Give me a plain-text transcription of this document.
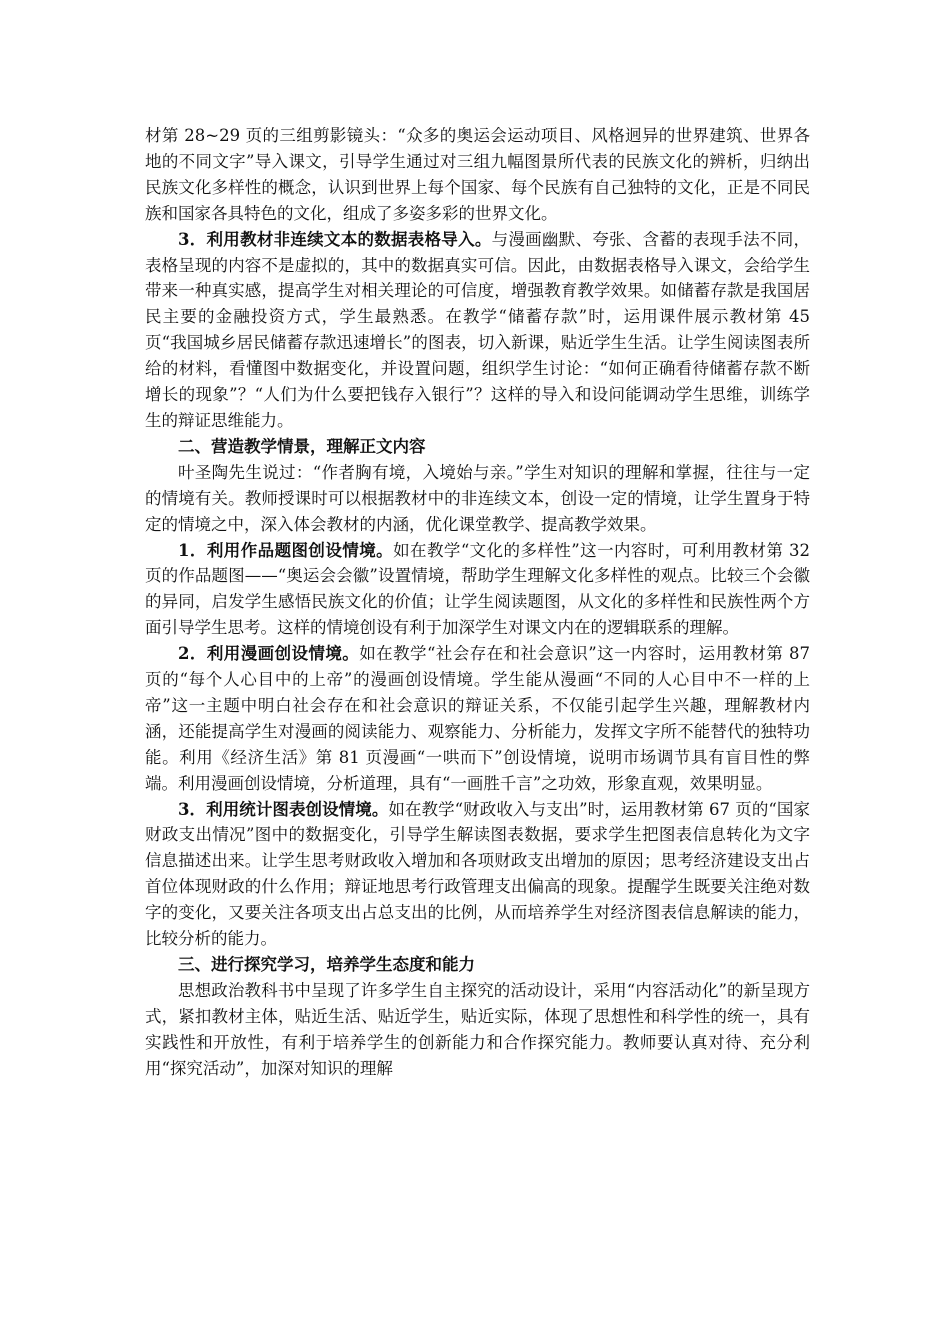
材第 28~29 页的三组剪影镜头：“众多的奥运会运动项目、风格迥异的世界建筑、世界各地的不同文字”导入课文，引导学生通过对三组九幅图景所代表的民族文化的辨析，归纳出民族文化多样性的概念，认识到世界上每个国家、每个民族有自己独特的文化，正是不同民族和国家各具特色的文化，组成了多姿多彩的世界文化。

3．利用教材非连续文本的数据表格导入。与漫画幽默、夸张、含蓄的表现手法不同，表格呈现的内容不是虚拟的，其中的数据真实可信。因此，由数据表格导入课文，会给学生带来一种真实感，提高学生对相关理论的可信度，增强教育教学效果。如储蓄存款是我国居民主要的金融投资方式，学生最熟悉。在教学“储蓄存款”时，运用课件展示教材第 45 页“我国城乡居民储蓄存款迅速增长”的图表，切入新课，贴近学生生活。让学生阅读图表所给的材料，看懂图中数据变化，并设置问题，组织学生讨论：“如何正确看待储蓄存款不断增长的现象”？“人们为什么要把钱存入银行”？这样的导入和设问能调动学生思维，训练学生的辩证思维能力。

二、营造教学情景，理解正文内容

叶圣陶先生说过：“作者胸有境，入境始与亲。”学生对知识的理解和掌握，往往与一定的情境有关。教师授课时可以根据教材中的非连续文本，创设一定的情境，让学生置身于特定的情境之中，深入体会教材的内涵，优化课堂教学、提高教学效果。

1．利用作品题图创设情境。如在教学“文化的多样性”这一内容时，可利用教材第 32 页的作品题图——“奥运会会徽”设置情境，帮助学生理解文化多样性的观点。比较三个会徽的异同，启发学生感悟民族文化的价值；让学生阅读题图，从文化的多样性和民族性两个方面引导学生思考。这样的情境创设有利于加深学生对课文内在的逻辑联系的理解。

2．利用漫画创设情境。如在教学“社会存在和社会意识”这一内容时，运用教材第 87 页的“每个人心目中的上帝”的漫画创设情境。学生能从漫画“不同的人心目中不一样的上帝”这一主题中明白社会存在和社会意识的辩证关系，不仅能引起学生兴趣，理解教材内涵，还能提高学生对漫画的阅读能力、观察能力、分析能力，发挥文字所不能替代的独特功能。利用《经济生活》第 81 页漫画“一哄而下”创设情境，说明市场调节具有盲目性的弊端。利用漫画创设情境，分析道理，具有“一画胜千言”之功效，形象直观，效果明显。

3．利用统计图表创设情境。如在教学“财政收入与支出”时，运用教材第 67 页的“国家财政支出情况”图中的数据变化，引导学生解读图表数据，要求学生把图表信息转化为文字信息描述出来。让学生思考财政收入增加和各项财政支出增加的原因；思考经济建设支出占首位体现财政的什么作用；辩证地思考行政管理支出偏高的现象。提醒学生既要关注绝对数字的变化，又要关注各项支出占总支出的比例，从而培养学生对经济图表信息解读的能力，比较分析的能力。

三、进行探究学习，培养学生态度和能力

思想政治教科书中呈现了许多学生自主探究的活动设计，采用“内容活动化”的新呈现方式，紧扣教材主体，贴近生活、贴近学生，贴近实际，体现了思想性和科学性的统一，具有实践性和开放性，有利于培养学生的创新能力和合作探究能力。教师要认真对待、充分利用“探究活动”，加深对知识的理解
